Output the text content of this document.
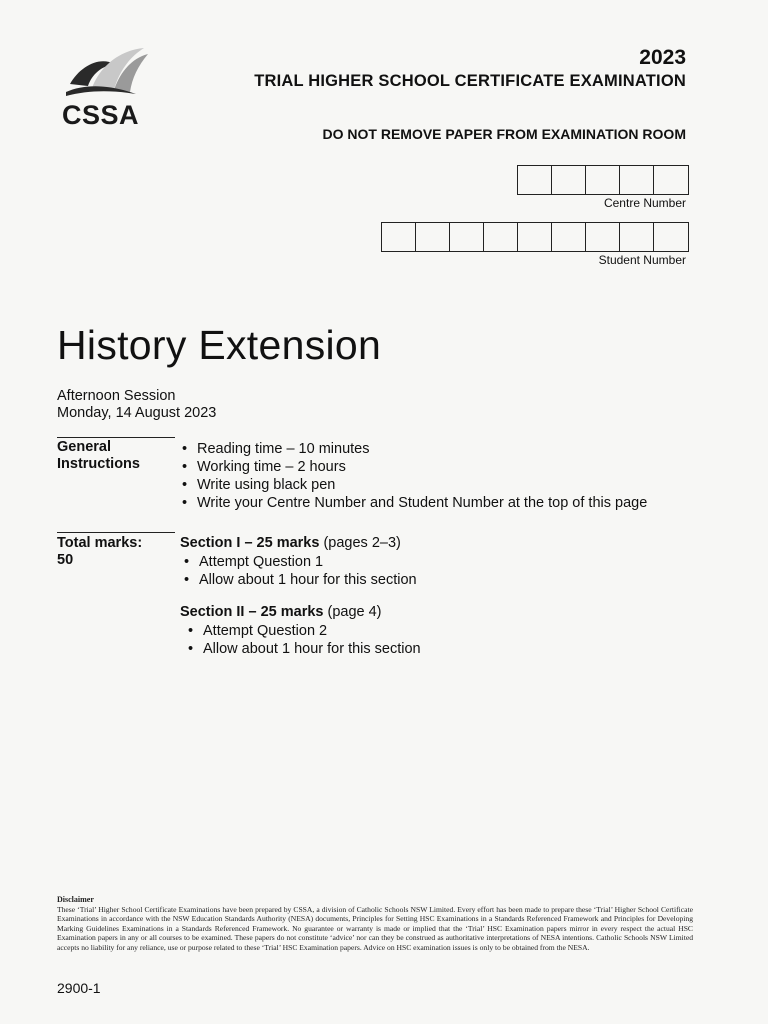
CSSA
2023
TRIAL HIGHER SCHOOL CERTIFICATE EXAMINATION
DO NOT REMOVE PAPER FROM EXAMINATION ROOM
Centre Number
Student Number
History Extension
Afternoon Session
Monday, 14 August 2023
General
Instructions
• Reading time – 10 minutes
• Working time – 2 hours
• Write using black pen
• Write your Centre Number and Student Number at the top of this page
Total marks:
50
Section I – 25 marks (pages 2–3)
• Attempt Question 1
• Allow about 1 hour for this section
Section II – 25 marks (page 4)
• Attempt Question 2
• Allow about 1 hour for this section
Disclaimer
These ‘Trial’ Higher School Certificate Examinations have been prepared by CSSA, a division of Catholic Schools NSW Limited. Every effort has been made to prepare these ‘Trial’ Higher School Certificate Examinations in accordance with the NSW Education Standards Authority (NESA) documents, Principles for Setting HSC Examinations in a Standards Referenced Framework and Principles for Developing Marking Guidelines Examinations in a Standards Referenced Framework. No guarantee or warranty is made or implied that the ‘Trial’ HSC Examination papers mirror in every respect the actual HSC Examination papers in any or all courses to be examined. These papers do not constitute ‘advice’ nor can they be construed as authoritative interpretations of NESA intentions. Catholic Schools NSW Limited accepts no liability for any reliance, use or purpose related to these ‘Trial’ HSC Examination papers. Advice on HSC examination issues is only to be obtained from the NESA.
2900-1
